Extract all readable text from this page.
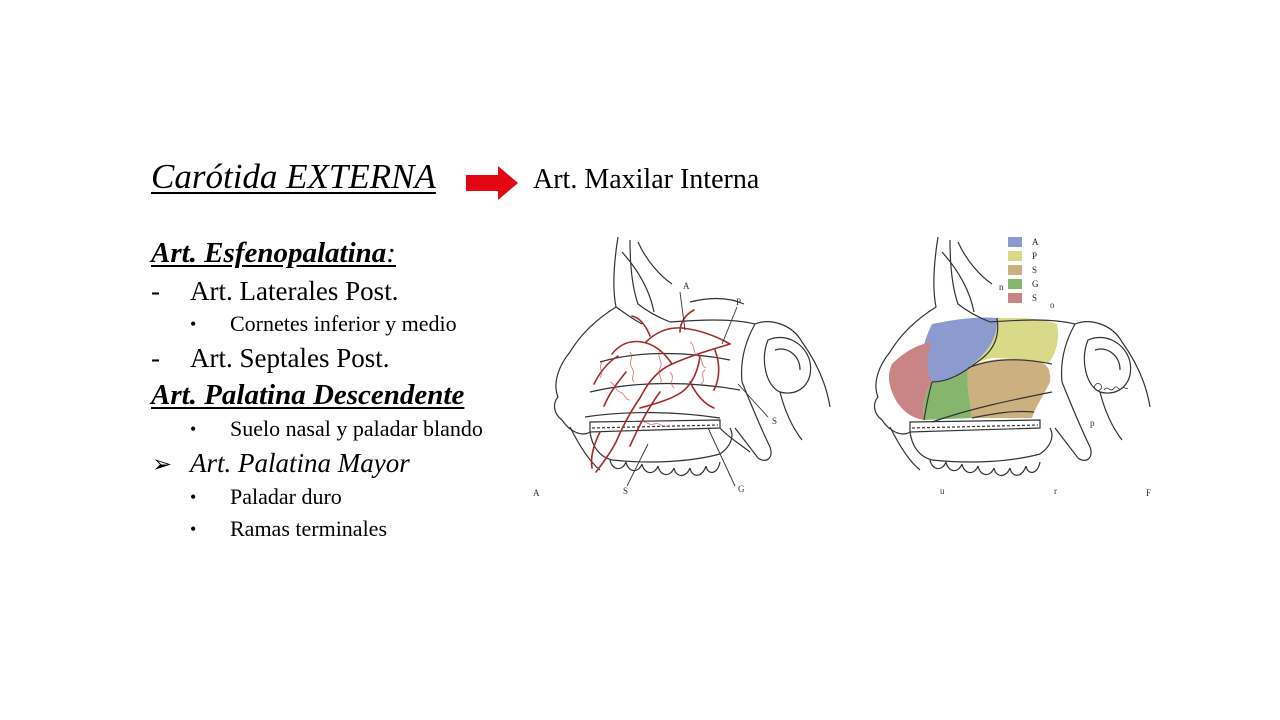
Carótida EXTERNA	Art. Maxilar Interna
Art. Esfenopalatina:
- Art. Laterales Post.
• Cornetes inferior y medio
- Art. Septales Post.
Art. Palatina Descendente
• Suelo nasal y paladar blando
➢ Art. Palatina Mayor
• Paladar duro
• Ramas terminales
A
P
S
S	G
A
A
P
S
G
S
n
o
p
u	r	F
